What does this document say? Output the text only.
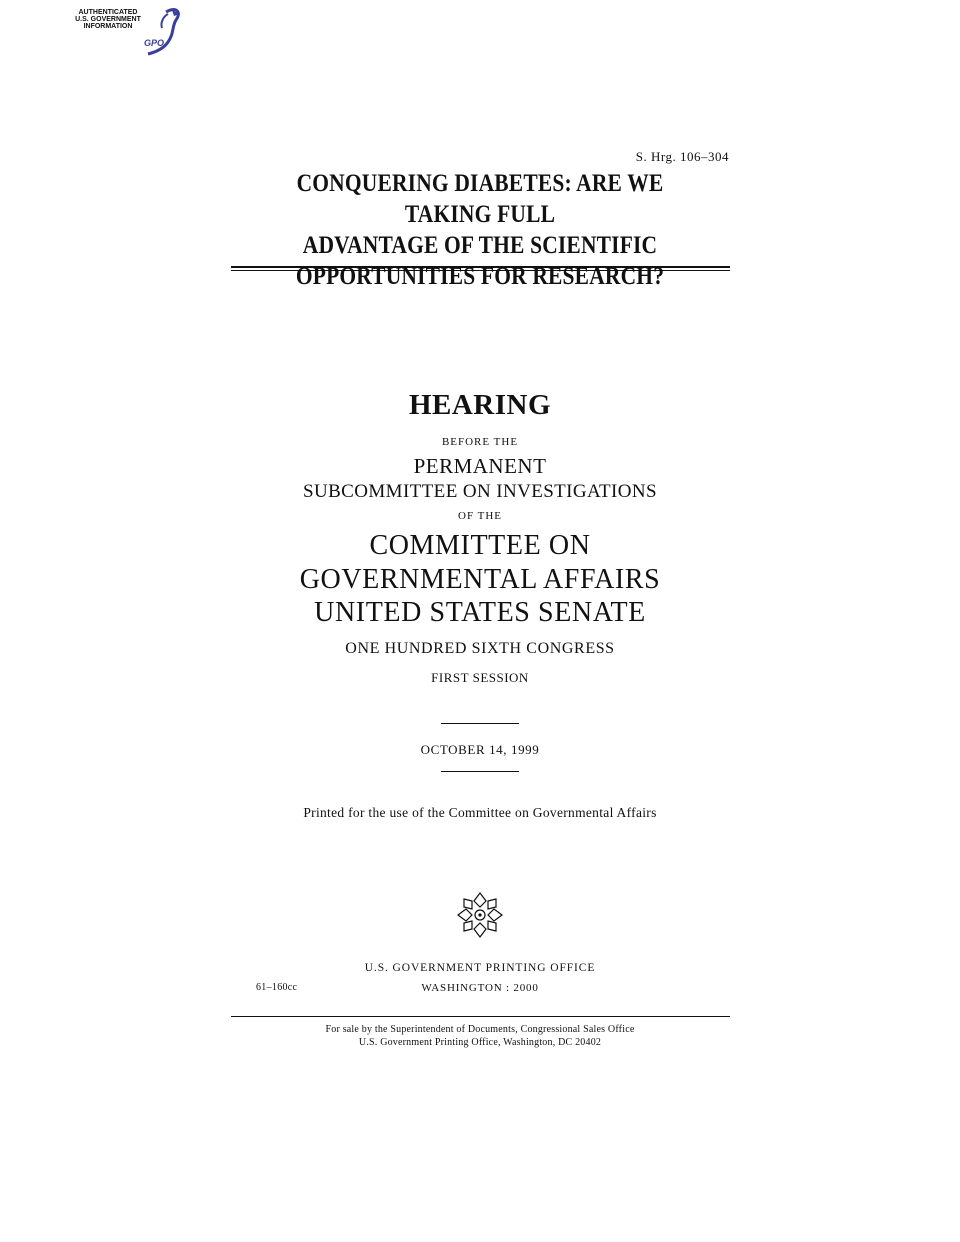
AUTHENTICATED
U.S. GOVERNMENT
INFORMATION
GPO
S. Hrg. 106–304
CONQUERING DIABETES: ARE WE TAKING FULL
ADVANTAGE OF THE SCIENTIFIC
OPPORTUNITIES FOR RESEARCH?
HEARING
BEFORE THE
PERMANENT
SUBCOMMITTEE ON INVESTIGATIONS
OF THE
COMMITTEE ON
GOVERNMENTAL AFFAIRS
UNITED STATES SENATE
ONE HUNDRED SIXTH CONGRESS
FIRST SESSION
OCTOBER 14, 1999
Printed for the use of the Committee on Governmental Affairs
U.S. GOVERNMENT PRINTING OFFICE
61–160cc	WASHINGTON : 2000
For sale by the Superintendent of Documents, Congressional Sales Office
U.S. Government Printing Office, Washington, DC 20402
